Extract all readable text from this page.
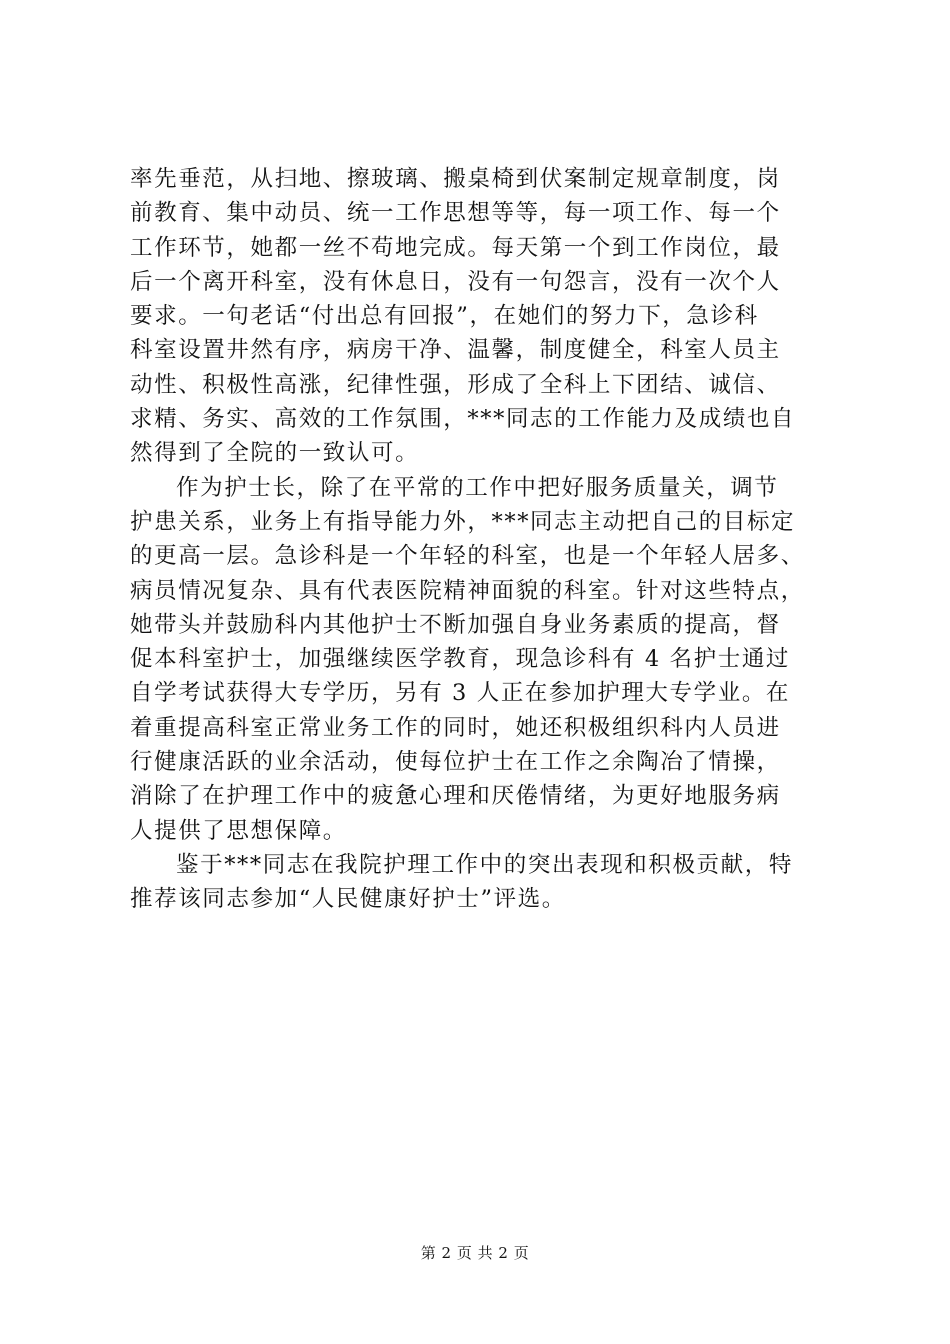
率先垂范，从扫地、擦玻璃、搬桌椅到伏案制定规章制度，岗
前教育、集中动员、统一工作思想等等，每一项工作、每一个
工作环节，她都一丝不苟地完成。每天第一个到工作岗位，最
后一个离开科室，没有休息日，没有一句怨言，没有一次个人
要求。一句老话“付出总有回报”，在她们的努力下，急诊科
科室设置井然有序，病房干净、温馨，制度健全，科室人员主
动性、积极性高涨，纪律性强，形成了全科上下团结、诚信、
求精、务实、高效的工作氛围，***同志的工作能力及成绩也自
然得到了全院的一致认可。
作为护士长，除了在平常的工作中把好服务质量关，调节
护患关系，业务上有指导能力外，***同志主动把自己的目标定
的更高一层。急诊科是一个年轻的科室，也是一个年轻人居多、
病员情况复杂、具有代表医院精神面貌的科室。针对这些特点，
她带头并鼓励科内其他护士不断加强自身业务素质的提高，督
促本科室护士，加强继续医学教育，现急诊科有 4 名护士通过
自学考试获得大专学历，另有 3 人正在参加护理大专学业。在
着重提高科室正常业务工作的同时，她还积极组织科内人员进
行健康活跃的业余活动，使每位护士在工作之余陶冶了情操，
消除了在护理工作中的疲惫心理和厌倦情绪，为更好地服务病
人提供了思想保障。
鉴于***同志在我院护理工作中的突出表现和积极贡献，特
推荐该同志参加“人民健康好护士”评选。
第 2 页 共 2 页
